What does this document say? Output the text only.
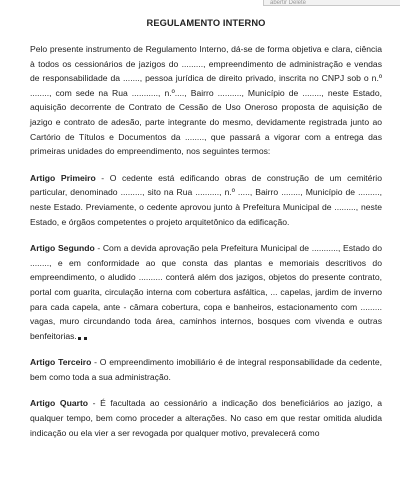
abertir Delete
REGULAMENTO INTERNO

Pelo presente instrumento de Regulamento Interno, dá-se de forma objetiva e clara, ciência à todos os cessionários de jazigos do ........., empreendimento de administração e vendas de responsabilidade da ......., pessoa jurídica de direito privado, inscrita no CNPJ sob o n.º ........, com sede na Rua ..........., n.º...., Bairro .........., Município de ........, neste Estado, aquisição decorrente de Contrato de Cessão de Uso Oneroso proposta de aquisição de jazigo e contrato de adesão, parte integrante do mesmo, devidamente registrada junto ao Cartório de Títulos e Documentos da ........, que passará a vigorar com a entrega das primeiras unidades do empreendimento, nos seguintes termos:

Artigo Primeiro - O cedente está edificando obras de construção de um cemitério particular, denominado ........., sito na Rua .........., n.º ....., Bairro ........, Município de ........., neste Estado. Previamente, o cedente aprovou junto à Prefeitura Municipal de ........., neste Estado, e órgãos competentes o projeto arquitetônico da edificação.

Artigo Segundo - Com a devida aprovação pela Prefeitura Municipal de ..........., Estado do ........, e em conformidade ao que consta das plantas e memoriais descritivos do empreendimento, o aludido .......... conterá além dos jazigos, objetos do presente contrato, portal com guarita, circulação interna com cobertura asfáltica, ... capelas, jardim de inverno para cada capela, ante - câmara cobertura, copa e banheiros, estacionamento com ......... vagas, muro circundando toda área, caminhos internos, bosques com vivenda e outras benfeitorias.

Artigo Terceiro - O empreendimento imobiliário é de integral responsabilidade da cedente, bem como toda a sua administração.

Artigo Quarto - É facultada ao cessionário a indicação dos beneficiários ao jazigo, a qualquer tempo, bem como proceder a alterações. No caso em que restar omitida aludida indicação ou ela vier a ser revogada por qualquer motivo, prevalecerá como
